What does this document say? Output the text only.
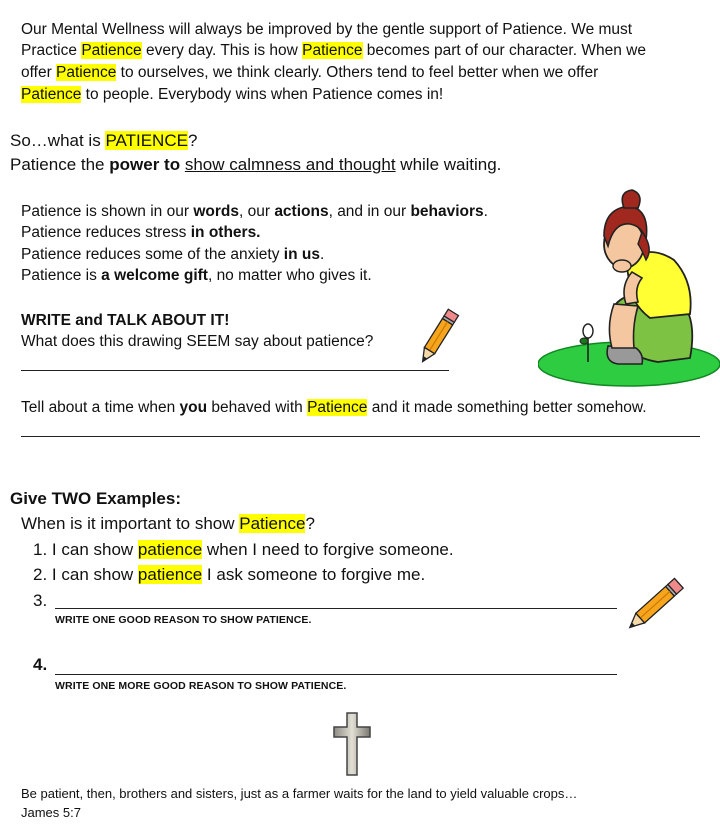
Our Mental Wellness will always be improved by the gentle support of Patience. We must
Practice Patience every day. This is how Patience becomes part of our character. When we
offer Patience to ourselves, we think clearly. Others tend to feel better when we offer
Patience to people. Everybody wins when Patience comes in!
So…what is PATIENCE?
Patience the power to show calmness and thought while waiting.
Patience is shown in our words, our actions, and in our behaviors.
Patience reduces stress in others.
Patience reduces some of the anxiety in us.
Patience is a welcome gift, no matter who gives it.
WRITE and TALK ABOUT IT!
What does this drawing SEEM say about patience?
Tell about a time when you behaved with Patience and it made something better somehow.
Give TWO Examples:
When is it important to show Patience?
1. I can show patience when I need to forgive someone.
2. I can show patience I ask someone to forgive me.
3.
WRITE ONE GOOD REASON TO SHOW PATIENCE.
4.
WRITE ONE MORE GOOD REASON TO SHOW PATIENCE.
Be patient, then, brothers and sisters, just as a farmer waits for the land to yield valuable crops…
James 5:7
